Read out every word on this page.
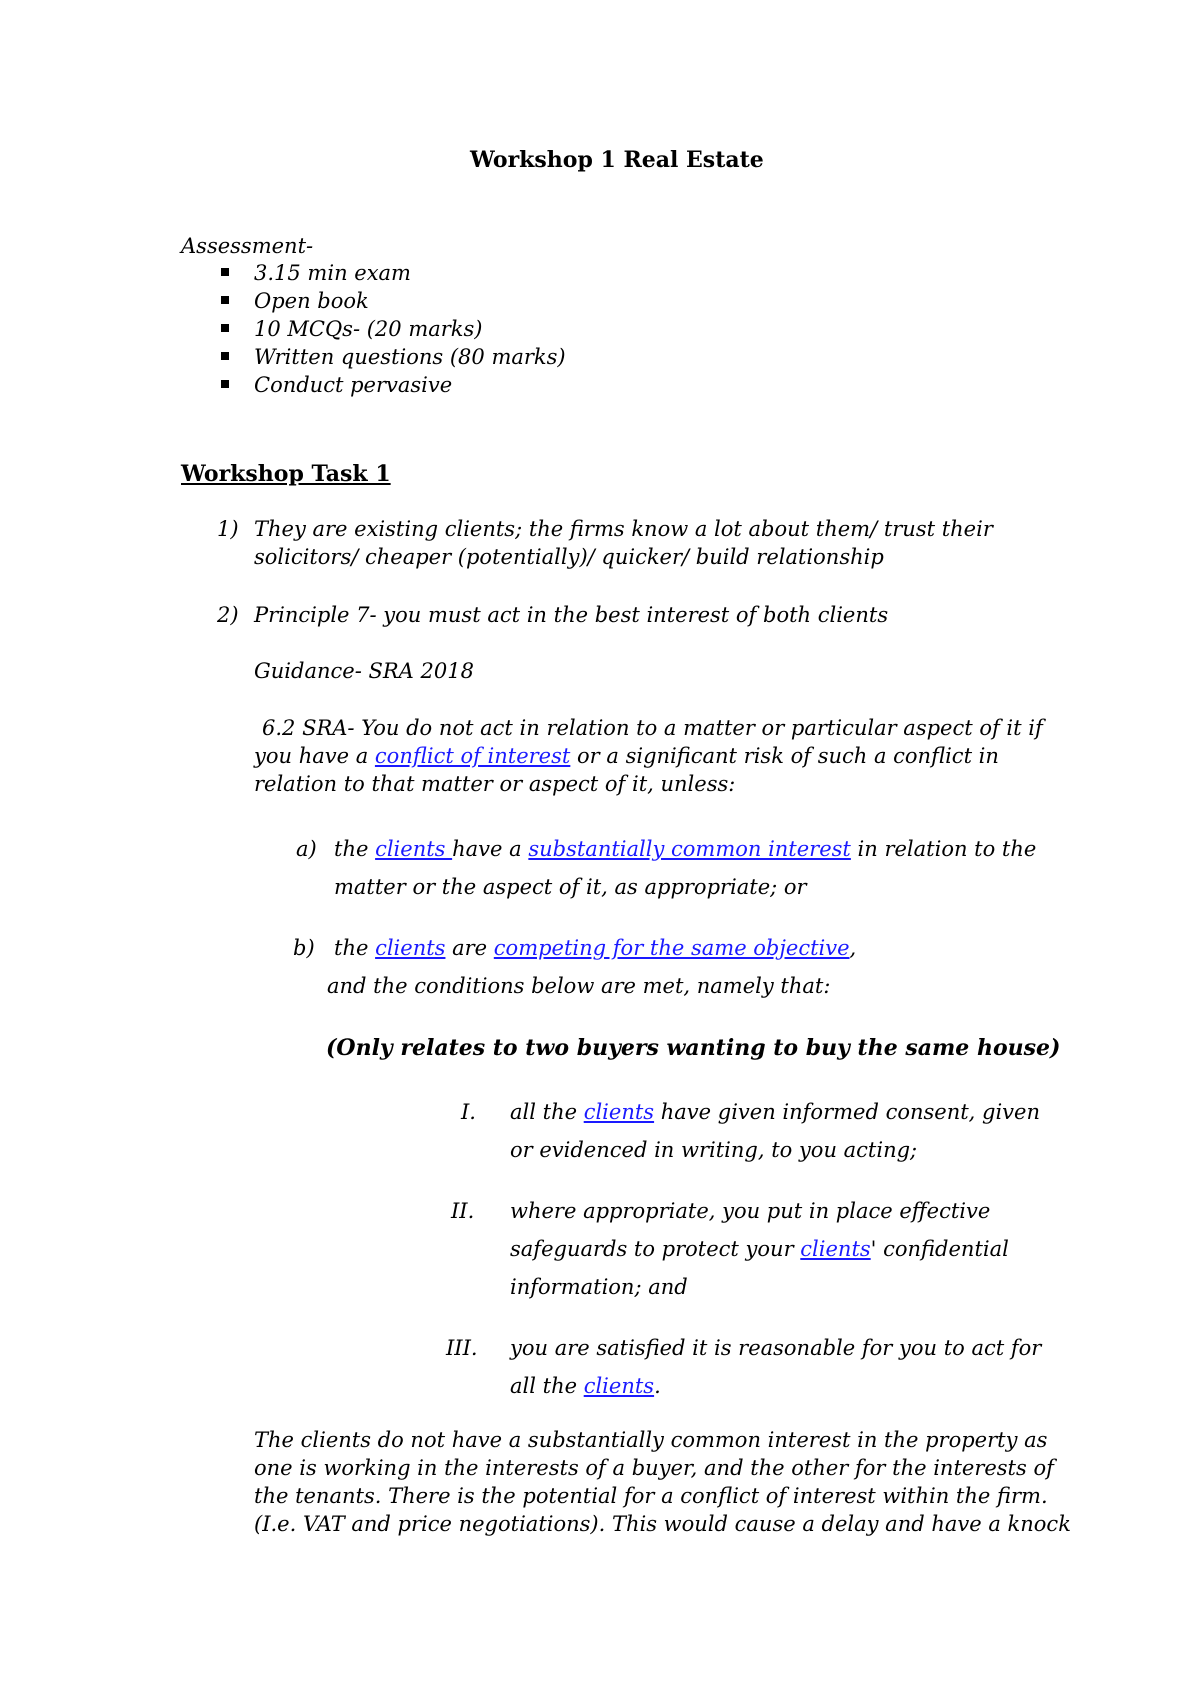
Workshop 1 Real Estate
Assessment-
3.15 min exam
Open book
10 MCQs- (20 marks)
Written questions (80 marks)
Conduct pervasive
Workshop Task 1
1) They are existing clients; the firms know a lot about them/ trust their
solicitors/ cheaper (potentially)/ quicker/ build relationship
2) Principle 7- you must act in the best interest of both clients
Guidance- SRA 2018
6.2 SRA- You do not act in relation to a matter or particular aspect of it if
you have a conflict of interest or a significant risk of such a conflict in
relation to that matter or aspect of it, unless:
a) the clients have a substantially common interest in relation to the
matter or the aspect of it, as appropriate; or
b) the clients are competing for the same objective,
and the conditions below are met, namely that:
(Only relates to two buyers wanting to buy the same house)
I. all the clients have given informed consent, given
or evidenced in writing, to you acting;
II. where appropriate, you put in place effective
safeguards to protect your clients' confidential
information; and
III. you are satisfied it is reasonable for you to act for
all the clients.
The clients do not have a substantially common interest in the property as
one is working in the interests of a buyer, and the other for the interests of
the tenants. There is the potential for a conflict of interest within the firm.
(I.e. VAT and price negotiations). This would cause a delay and have a knock
